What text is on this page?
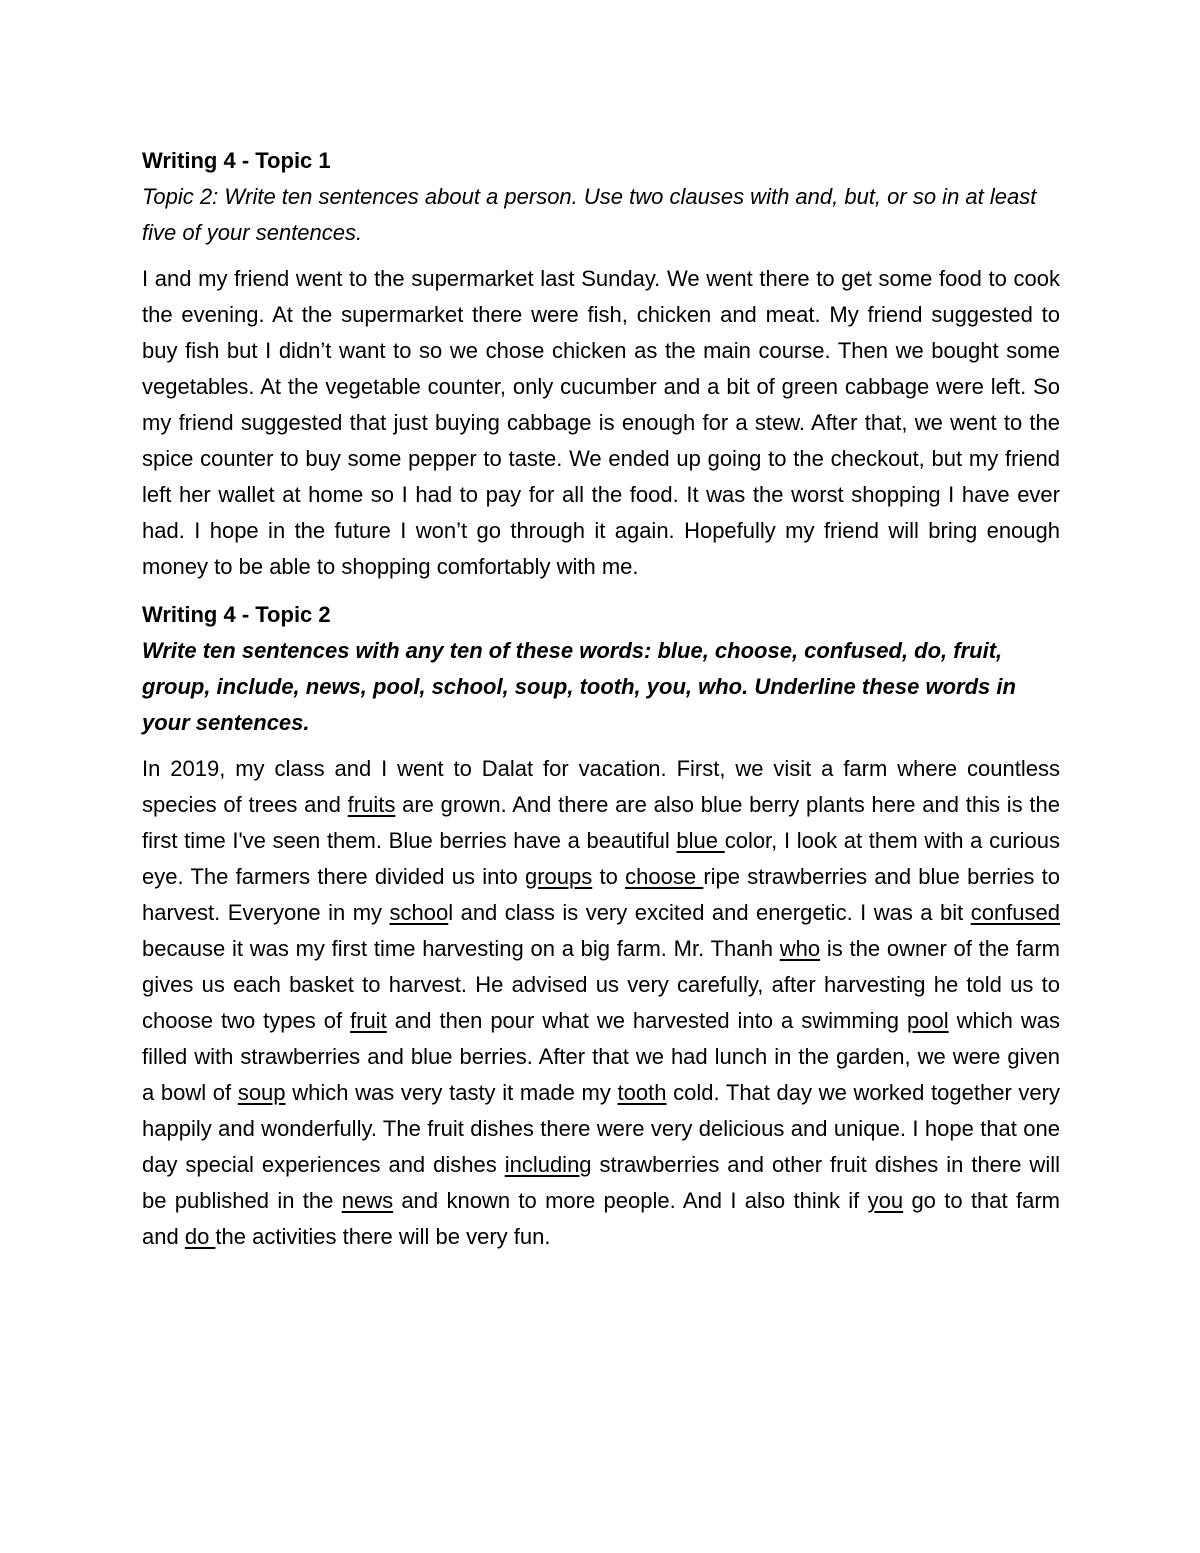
Writing 4 - Topic 1

Topic 2: Write ten sentences about a person. Use two clauses with and, but, or so in at least five of your sentences.

I and my friend went to the supermarket last Sunday. We went there to get some food to cook the evening. At the supermarket there were fish, chicken and meat. My friend suggested to buy fish but I didn’t want to so we chose chicken as the main course. Then we bought some vegetables. At the vegetable counter, only cucumber and a bit of green cabbage were left. So my friend suggested that just buying cabbage is enough for a stew. After that, we went to the spice counter to buy some pepper to taste. We ended up going to the checkout, but my friend left her wallet at home so I had to pay for all the food. It was the worst shopping I have ever had. I hope in the future I won’t go through it again. Hopefully my friend will bring enough money to be able to shopping comfortably with me.

Writing 4 - Topic 2

Write ten sentences with any ten of these words: blue, choose, confused, do, fruit, group, include, news, pool, school, soup, tooth, you, who. Underline these words in your sentences.

In 2019, my class and I went to Dalat for vacation. First, we visit a farm where countless species of trees and fruits are grown. And there are also blue berry plants here and this is the first time I've seen them. Blue berries have a beautiful blue color, I look at them with a curious eye. The farmers there divided us into groups to choose ripe strawberries and blue berries to harvest. Everyone in my school and class is very excited and energetic. I was a bit confused because it was my first time harvesting on a big farm. Mr. Thanh who is the owner of the farm gives us each basket to harvest. He advised us very carefully, after harvesting he told us to choose two types of fruit and then pour what we harvested into a swimming pool which was filled with strawberries and blue berries. After that we had lunch in the garden, we were given a bowl of soup which was very tasty it made my tooth cold. That day we worked together very happily and wonderfully. The fruit dishes there were very delicious and unique. I hope that one day special experiences and dishes including strawberries and other fruit dishes in there will be published in the news and known to more people. And I also think if you go to that farm and do the activities there will be very fun.
